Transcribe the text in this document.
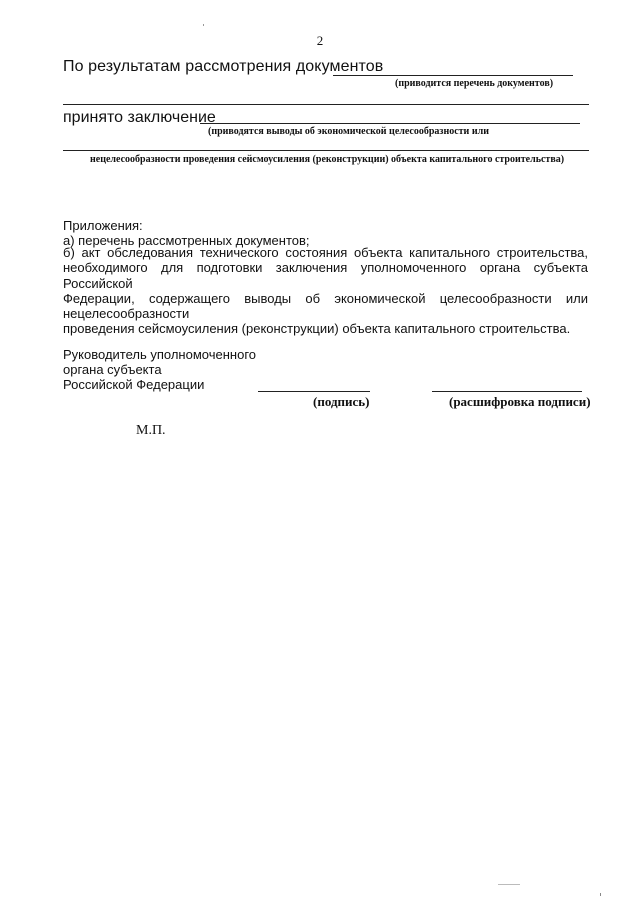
2
По результатам рассмотрения документов
(приводится перечень документов)
принято заключение
(приводятся выводы об экономической целесообразности или
нецелесообразности проведения сейсмоусиления (реконструкции) объекта капитального строительства)
Приложения:
а) перечень рассмотренных документов;
б) акт обследования технического состояния объекта капитального строительства,
необходимого для подготовки заключения уполномоченного органа субъекта Российской
Федерации, содержащего выводы об экономической целесообразности или нецелесообразности
проведения сейсмоусиления (реконструкции) объекта капитального строительства.
Руководитель уполномоченного
органа субъекта
Российской Федерации
(подпись)	(расшифровка подписи)
М.П.
